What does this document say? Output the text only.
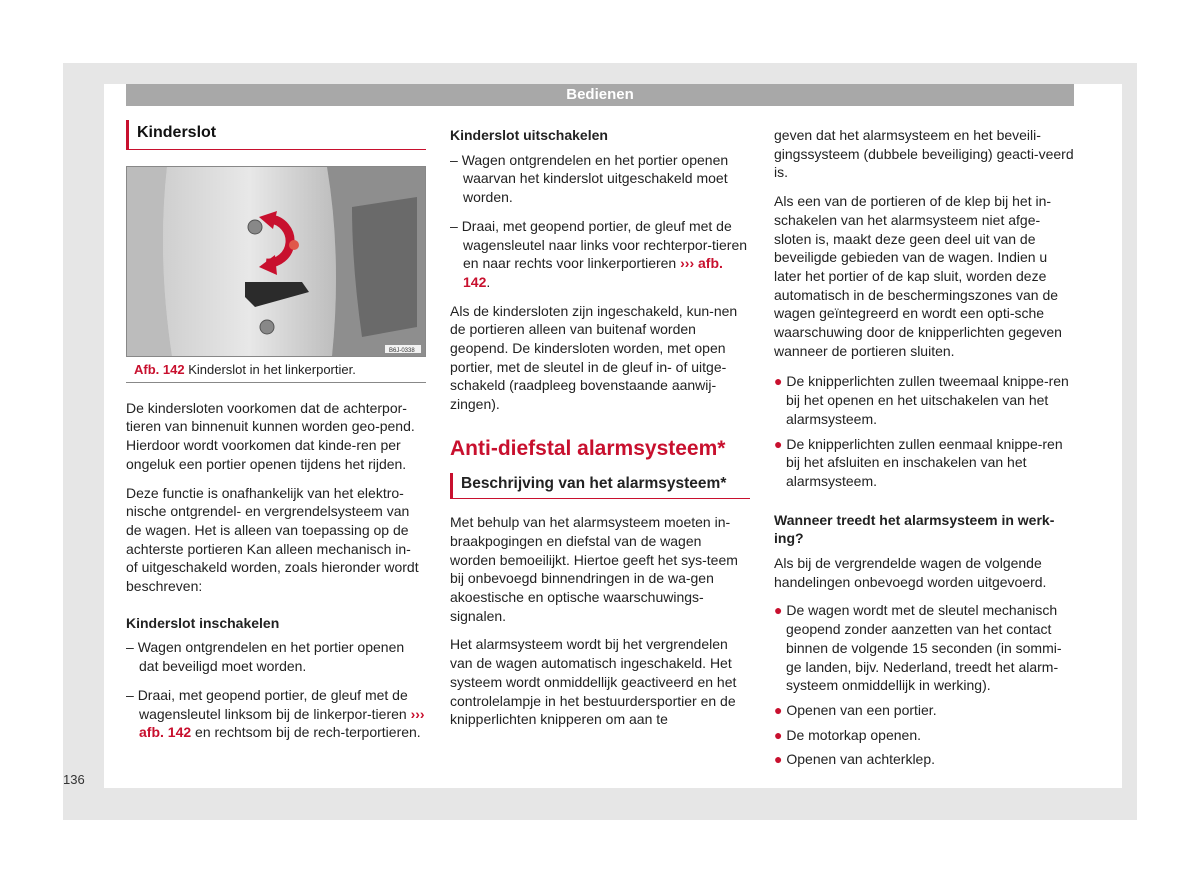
Bedienen
Kinderslot
B6J-0338
Afb. 142 Kinderslot in het linkerportier.

De kindersloten voorkomen dat de achterpor-tieren van binnenuit kunnen worden geo-pend. Hierdoor wordt voorkomen dat kinde-ren per ongeluk een portier openen tijdens het rijden.

Deze functie is onafhankelijk van het elektro-nische ontgrendel- en vergrendelsysteem van de wagen. Het is alleen van toepassing op de achterste portieren Kan alleen mechanisch in- of uitgeschakeld worden, zoals hieronder wordt beschreven:

Kinderslot inschakelen
– Wagen ontgrendelen en het portier openen dat beveiligd moet worden.
– Draai, met geopend portier, de gleuf met de wagensleutel linksom bij de linkerpor-tieren ››› afb. 142 en rechtsom bij de rech-terportieren.
Kinderslot uitschakelen
– Wagen ontgrendelen en het portier openen waarvan het kinderslot uitgeschakeld moet worden.
– Draai, met geopend portier, de gleuf met de wagensleutel naar links voor rechterpor-tieren en naar rechts voor linkerportieren ››› afb. 142.

Als de kindersloten zijn ingeschakeld, kun-nen de portieren alleen van buitenaf worden geopend. De kindersloten worden, met open portier, met de sleutel in de gleuf in- of uitge-schakeld (raadpleeg bovenstaande aanwij-zingen).

Anti-diefstal alarmsysteem*
Beschrijving van het alarmsysteem*

Met behulp van het alarmsysteem moeten in-braakpogingen en diefstal van de wagen worden bemoeilijkt. Hiertoe geeft het sys-teem bij onbevoegd binnendringen in de wa-gen akoestische en optische waarschuwings-signalen.

Het alarmsysteem wordt bij het vergrendelen van de wagen automatisch ingeschakeld. Het systeem wordt onmiddellijk geactiveerd en het controlelampje in het bestuurdersportier en de knipperlichten knipperen om aan te

geven dat het alarmsysteem en het beveili-gingssysteem (dubbele beveiliging) geacti-veerd is.

Als een van de portieren of de klep bij het in-schakelen van het alarmsysteem niet afge-sloten is, maakt deze geen deel uit van de beveiligde gebieden van de wagen. Indien u later het portier of de kap sluit, worden deze automatisch in de beschermingszones van de wagen geïntegreerd en wordt een opti-sche waarschuwing door de knipperlichten gegeven wanneer de portieren sluiten.

● De knipperlichten zullen tweemaal knippe-ren bij het openen en het uitschakelen van het alarmsysteem.
● De knipperlichten zullen eenmaal knippe-ren bij het afsluiten en inschakelen van het alarmsysteem.
Wanneer treedt het alarmsysteem in werk-ing?

Als bij de vergrendelde wagen de volgende handelingen onbevoegd worden uitgevoerd.

● De wagen wordt met de sleutel mechanisch geopend zonder aanzetten van het contact binnen de volgende 15 seconden (in sommi-ge landen, bijv. Nederland, treedt het alarm-systeem onmiddellijk in werking).
● Openen van een portier.
● De motorkap openen.
● Openen van achterklep.
136
